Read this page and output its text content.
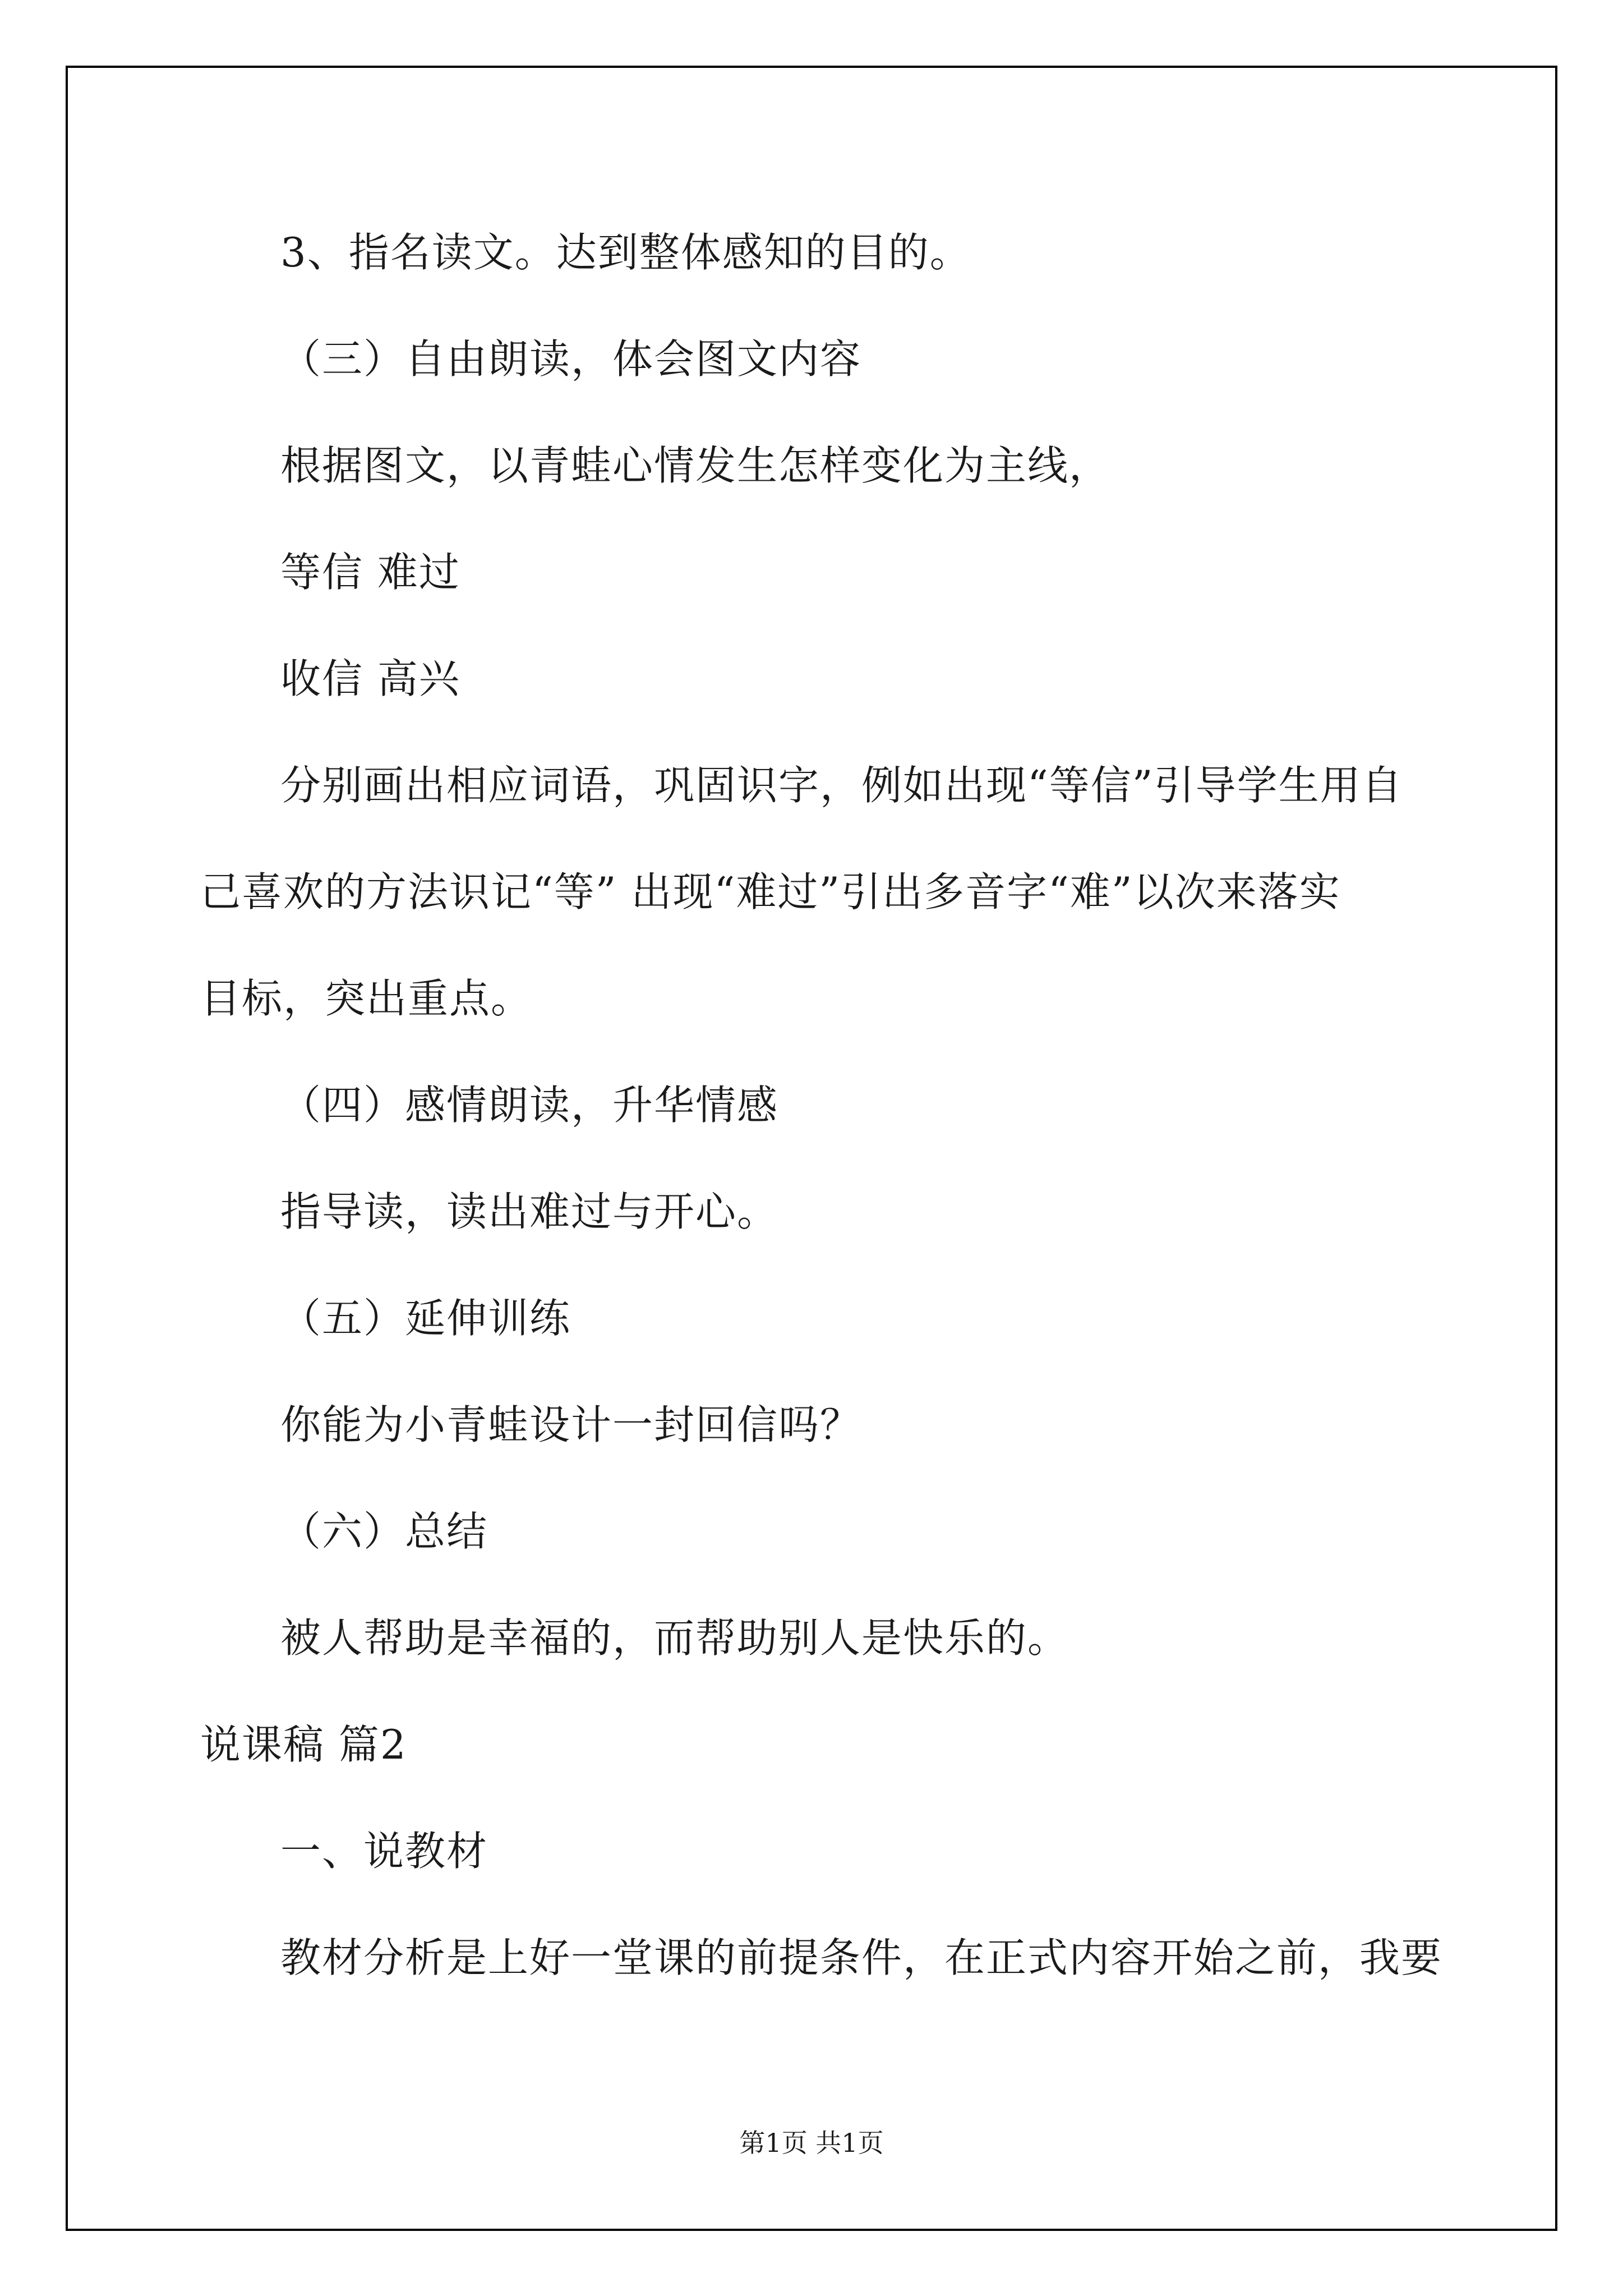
3、指名读文。达到整体感知的目的。
（三）自由朗读，体会图文内容
根据图文，以青蛙心情发生怎样变化为主线，
等信 难过
收信 高兴
分别画出相应词语，巩固识字，例如出现“等信”引导学生用自
己喜欢的方法识记“等” 出现“难过”引出多音字“难”以次来落实
目标，突出重点。
（四）感情朗读，升华情感
指导读，读出难过与开心。
（五）延伸训练
你能为小青蛙设计一封回信吗？
（六）总结
被人帮助是幸福的，而帮助别人是快乐的。
说课稿 篇2
一、说教材
教材分析是上好一堂课的前提条件，在正式内容开始之前，我要
第1页 共1页
